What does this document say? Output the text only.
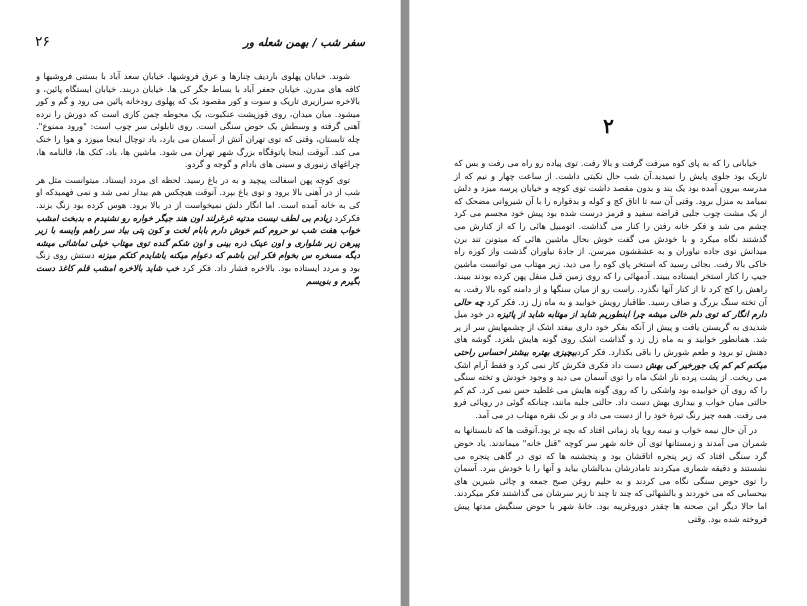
سفر شب / بهمن شعله ور
۲۶

شوند. خیابان پهلوی باردیف چنارها و عرق فروشیها. خیابان سعد آباد با بستنی فروشیها و کافه های مدرن. خیابان جعفر آباد با بساط جگر کی ها. خیابان دربند. خیابان ایستگاه پائین، و بالاخره سرازیری تاریک و سوت و کور مقصود بک که پهلوی رودخانه پائین می رود و گم و کور میشود. میان میدان، روی قوزپشت عنکبوت، یک محوطه چمن کاری است که دورش را نرده آهنی گرفته و وسطش یک حوض سنگی است. روی تابلوئی سر چوب است: "ورود ممنوع". چله تابستان، وقتی که توی تهران آتش از آسمان می بارد، باد توچال اینجا میوزد و هوا را خنک می کند. آنوقت اینجا پاتوقگاه بزرگ شهر تهران می شود. ماشین ها، باد، کنک ها، فالنامه ها، چراغهای زنبوری و سینی های بادام و گوجه و گردو.

توی کوچه پهن اسفالت پیچید و به در باغ رسید. لحظه ای مردد ایستاد. میتوانست مثل هر شب از در آهنی بالا برود و توی باغ بپرد. آنوقت هیچکس هم بیدار نمی شد و نمی فهمیدکه او کی به خانه آمده است. اما انگار دلش نمیخواست از در بالا برود. هوس کرده بود زنگ بزند. فکرکرد زیادم بی لطف نیست مدتیه غرغرلند اون هند جیگر خواره رو نشنیدم ه بدبخت امشب خواب هفت شب نو حروم کنم خوش دارم بابام لخت و کون پتی بیاد سر راهم وایسه با زیر پیرهن زیر شلواری و اون عینک ذره بینی و اون شکم گنده توی مهتاب خیلی تماشائی میشه دیگه مسخره س بخوام فکر این باشم که دعوام میکنه یاشایدم کتکم میزنه دستش روی زنگ بود و مردد ایستاده بود. بالاخره فشار داد. فکر کرد خب شاید بالاخره امشب قلم کاغذ دست بگیرم و بنویسم

۲

خیابانی را که به پای کوه میرفت گرفت و بالا رفت. توی پیاده رو راه می رفت و بس که تاریک بود جلوی پایش را نمیدید.آن شب حال نکبتی داشت. از ساعت چهار و نیم که از مدرسه بیرون آمده بود یک بند و بدون مقصد داشت توی کوچه و خیابان پرسه میزد و دلش نمیامد به منزل برود. وقتی آن سه تا اتاق کج و کوله و بدقواره را با آن شیروانی مضحک که از یک مشت چوب جلبی قراضه سفید و قرمز درست شده بود پیش خود مجسم می کرد چشم می شد و فکر خانه رفتن را کنار می گذاشت. اتومبیل هائی را که از کنارش می گذشتند نگاه میکرد و با خودش می گفت خوش بحال ماشین هائی که میتونن تند برن میدانش توی جاده نیاوران و به عشقشون میرسن. از جادهٔ نیاوران گذشت واز کوره راه خاکی بالا رفت. بجائی رسید که استخر پای کوه را می دید. زیر مهتاب می توانست ماشین جیپ را کنار استخر ایستاده ببیند. آدمهائی را که روی زمین قبل منقل پهن کرده بودند ببیند. راهش را کج کرد تا از کنار آنها نگذرد. راست رو از میان سنگها و از دامنه کوه بالا رفت. به آن تخته سنگ بزرگ و صاف رسید. طاقباز رویش خوابید و به ماه زل زد. فکر کرد چه حالی دارم انگار که توی دلم خالی میشه چرا اینطوریم شاید از مهتابه شاید از پائیزه در خود میل شدیدی به گریستن یافت و پیش از آنکه بفکر خود داری بیفتد اشک از چشمهایش سر از پر شد. همانطور خوابید و به ماه زل زد و گذاشت اشک روی گونه هایش بلغزد. گوشه های دهنش تو برود و طعم شورش را باقی بکذارد. فکر کردبیچیزی بهتره بیشتر احساس راحتی میکنم کم کم یک جورخیر کی بهش دست داد فکری فکرش کار نمی کرد و فقط آرام اشک می ریخت. از پشت پرده نار اشک ماه را توی آسمان می دید و وجود خودش و تخته سنگی را که روی آن خوابیده بود واشکی را که روی گونه هایش می غلطید حس نمی کرد. کم کم حالتی میان خواب و بیداری بهش دست داد. حالتی جلبه مانند، چنانکه گوئی در رویائی فرو می رفت. همه چیز رنگ تیرهٔ خود را از دست می داد و بر نک نقره مهتاب در می آمد.

در آن حال نیمه خواب و نیمه رویا یاد زمانی افتاد که بچه تر بود.آنوقت ها که تابستانها به شمران می آمدند و زمستانها توی آن خانه شهر سر کوچه "قنل خانه" میماندند. یاد حوض گرد سنگی افتاد که زیر پنجره اتاقشان بود و پنجشنبه ها که توی در گاهی پنجره می نشستند و دقیقه شماری میکردند تامادرشان بدبالشان بیاید و آنها را با خودش ببرد. آسمان را توی حوض سنگی نگاه می کردند و به حلیم روغن صبح جمعه و چائی شیرین های بیحسابی که می خوردند و بالشهائی که چند تا چند تا زیر سرشان می گذاشتند فکر میکردند. اما حالا دیگر این صحنه ها چقدر دوروغریبه بود. خانهٔ شهر با حوض سنگیش مدتها پیش فروخته شده بود. وقتی
